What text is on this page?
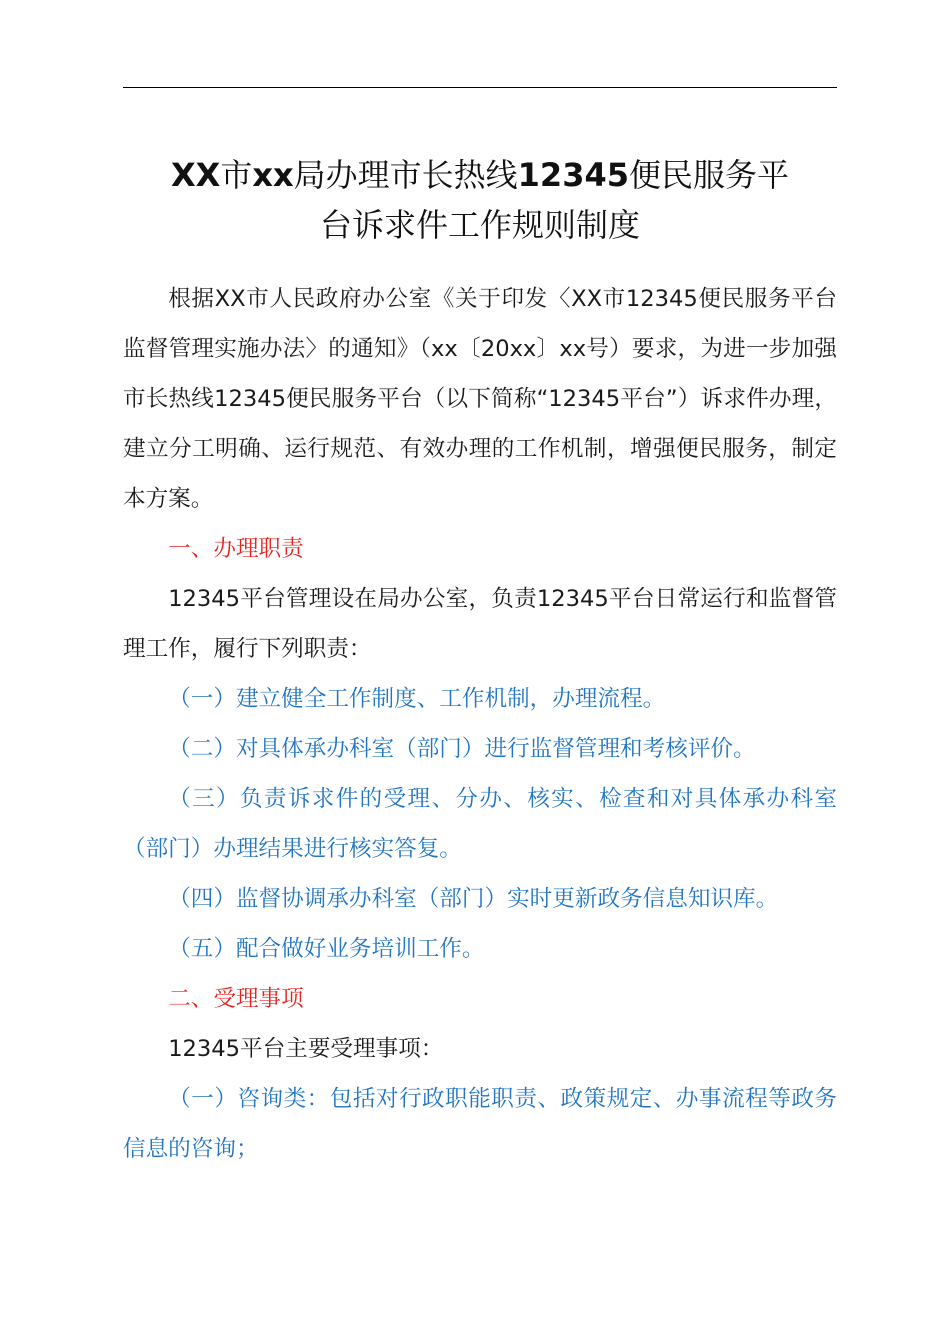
XX市xx局办理市长热线12345便民服务平
台诉求件工作规则制度

根据XX市人民政府办公室《关于印发〈XX市12345便民服务平台监督管理实施办法〉的通知》（xx〔20xx〕xx号）要求，为进一步加强市长热线12345便民服务平台（以下简称“12345平台”）诉求件办理，建立分工明确、运行规范、有效办理的工作机制，增强便民服务，制定本方案。

一、办理职责

12345平台管理设在局办公室，负责12345平台日常运行和监督管理工作，履行下列职责：

（一）建立健全工作制度、工作机制，办理流程。

（二）对具体承办科室（部门）进行监督管理和考核评价。

（三）负责诉求件的受理、分办、核实、检查和对具体承办科室（部门）办理结果进行核实答复。

（四）监督协调承办科室（部门）实时更新政务信息知识库。

（五）配合做好业务培训工作。

二、受理事项

12345平台主要受理事项：

（一）咨询类：包括对行政职能职责、政策规定、办事流程等政务信息的咨询；
